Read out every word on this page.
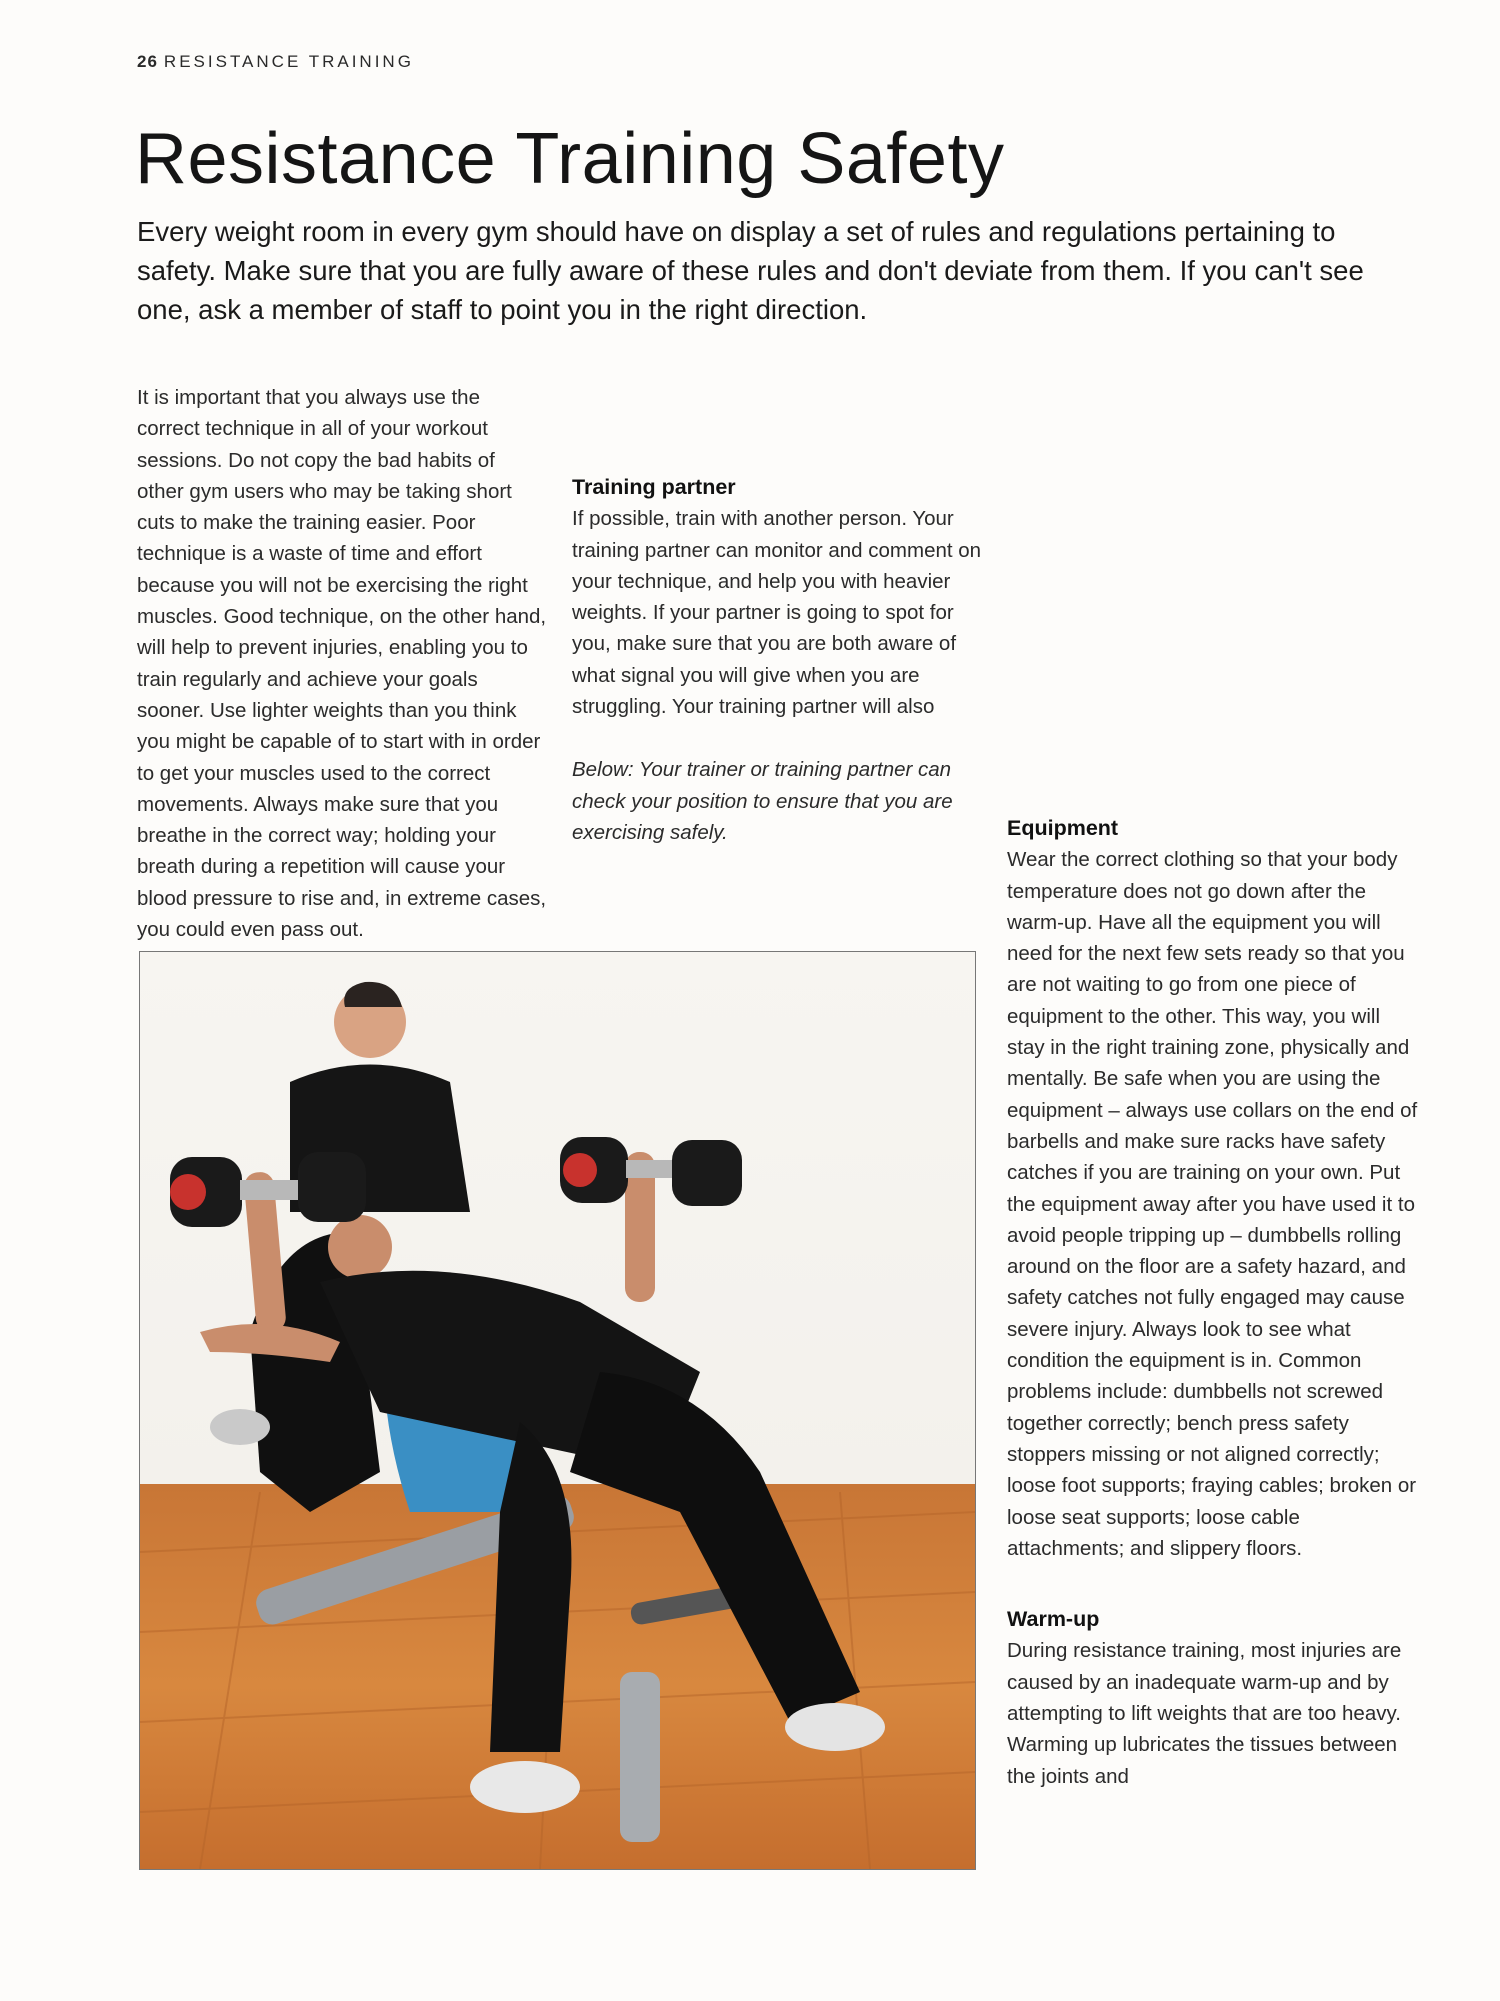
26 RESISTANCE TRAINING
Resistance Training Safety

Every weight room in every gym should have on display a set of rules and regulations pertaining to safety. Make sure that you are fully aware of these rules and don't deviate from them. If you can't see one, ask a member of staff to point you in the right direction.

It is important that you always use the correct technique in all of your workout sessions. Do not copy the bad habits of other gym users who may be taking short cuts to make the training easier. Poor technique is a waste of time and effort because you will not be exercising the right muscles. Good technique, on the other hand, will help to prevent injuries, enabling you to train regularly and achieve your goals sooner. Use lighter weights than you think you might be capable of to start with in order to get your muscles used to the correct movements. Always make sure that you breathe in the correct way; holding your breath during a repetition will cause your blood pressure to rise and, in extreme cases, you could even pass out.

Training partner

If possible, train with another person. Your training partner can monitor and comment on your technique, and help you with heavier weights. If your partner is going to spot for you, make sure that you are both aware of what signal you will give when you are struggling. Your training partner will also

Below: Your trainer or training partner can check your position to ensure that you are exercising safely.	Equipment

Wear the correct clothing so that your body temperature does not go down after the warm-up. Have all the equipment you will need for the next few sets ready so that you are not waiting to go from one piece of equipment to the other. This way, you will stay in the right training zone, physically and mentally. Be safe when you are using the equipment – always use collars on the end of barbells and make sure racks have safety catches if you are training on your own. Put the equipment away after you have used it to avoid people tripping up – dumbbells rolling around on the floor are a safety hazard, and safety catches not fully engaged may cause severe injury. Always look to see what condition the equipment is in. Common problems include: dumbbells not screwed together correctly; bench press safety stoppers missing or not aligned correctly; loose foot supports; fraying cables; broken or loose seat supports; loose cable attachments; and slippery floors.

Warm-up

During resistance training, most injuries are caused by an inadequate warm-up and by attempting to lift weights that are too heavy. Warming up lubricates the tissues between the joints and
